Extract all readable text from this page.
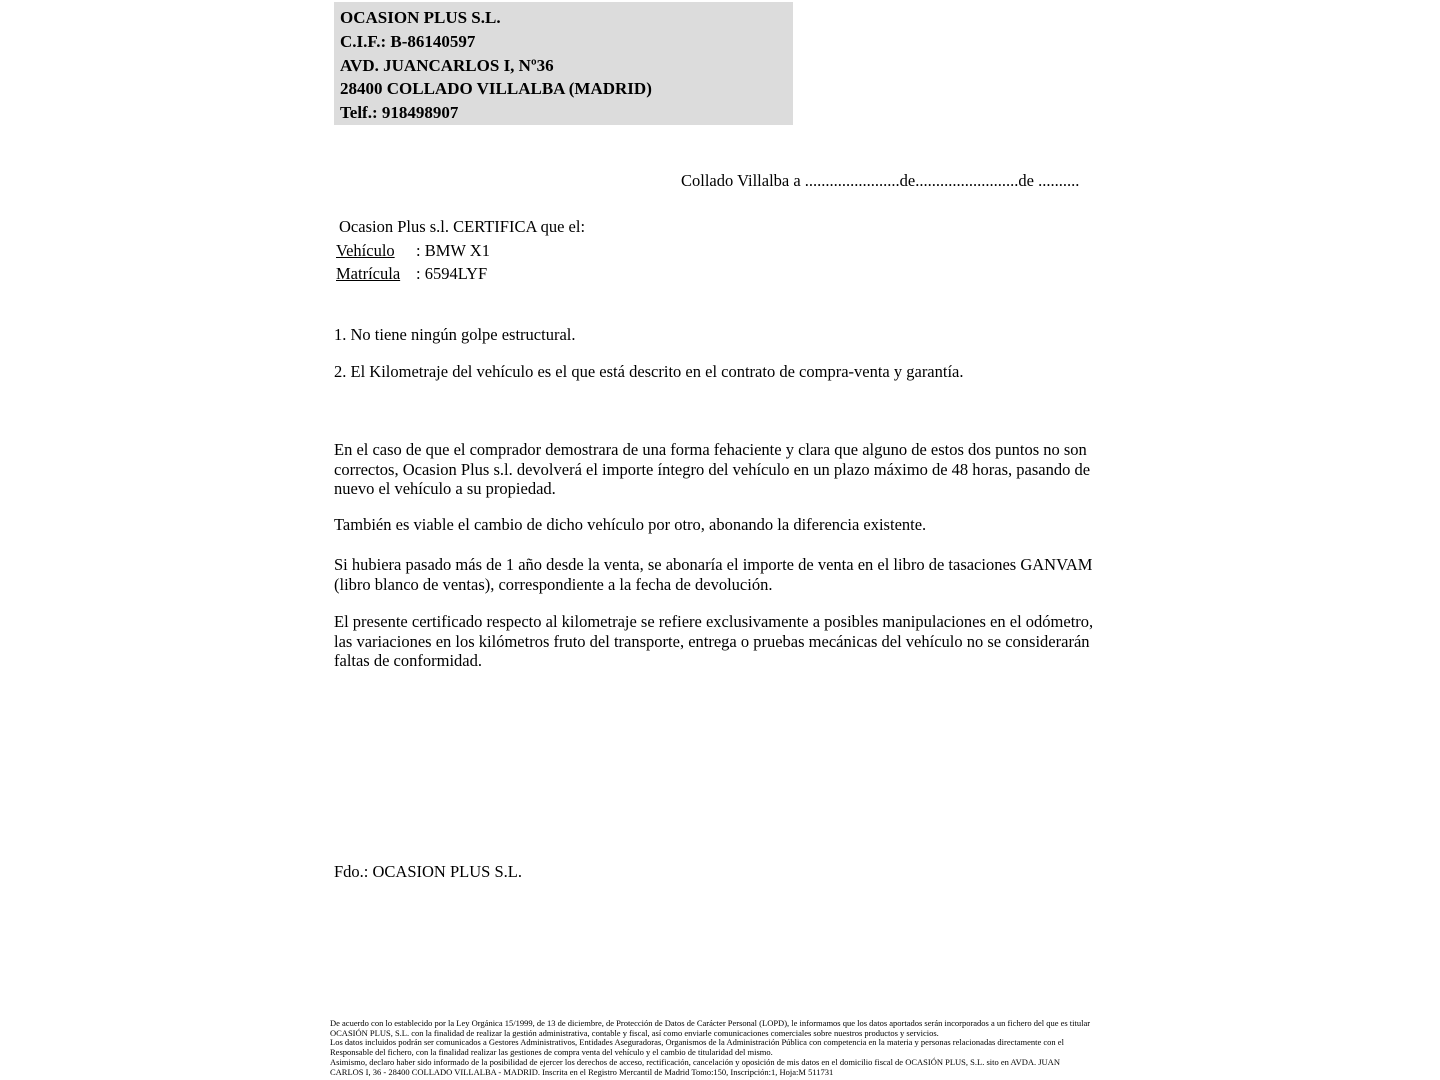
OCASION PLUS S.L.
C.I.F.: B-86140597
AVD. JUANCARLOS I, Nº36
28400 COLLADO VILLALBA (MADRID)
Telf.: 918498907
Collado Villalba a .......................de.........................de ..........
Ocasion Plus s.l. CERTIFICA que el:
Vehículo : BMW X1
Matrícula : 6594LYF
1. No tiene ningún golpe estructural.
2. El Kilometraje del vehículo es el que está descrito en el contrato de compra-venta y garantía.
En el caso de que el comprador demostrara de una forma fehaciente y clara que alguno de estos dos puntos no son correctos, Ocasion Plus s.l. devolverá el importe íntegro del vehículo en un plazo máximo de 48 horas, pasando de nuevo el vehículo a su propiedad.
También es viable el cambio de dicho vehículo por otro, abonando la diferencia existente.
Si hubiera pasado más de 1 año desde la venta, se abonaría el importe de venta en el libro de tasaciones GANVAM (libro blanco de ventas), correspondiente a la fecha de devolución.
El presente certificado respecto al kilometraje se refiere exclusivamente a posibles manipulaciones en el odómetro, las variaciones en los kilómetros fruto del transporte, entrega o pruebas mecánicas del vehículo no se considerarán faltas de conformidad.
Fdo.: OCASION PLUS S.L.
De acuerdo con lo establecido por la Ley Orgánica 15/1999, de 13 de diciembre, de Protección de Datos de Carácter Personal (LOPD), le informamos que los datos aportados serán incorporados a un fichero del que es titular
OCASIÓN PLUS, S.L. con la finalidad de realizar la gestión administrativa, contable y fiscal, así como enviarle comunicaciones comerciales sobre nuestros productos y servicios.
Los datos incluidos podrán ser comunicados a Gestores Administrativos, Entidades Aseguradoras, Organismos de la Administración Pública con competencia en la materia y personas relacionadas directamente con el
Responsable del fichero, con la finalidad realizar las gestiones de compra venta del vehículo y el cambio de titularidad del mismo.
Asimismo, declaro haber sido informado de la posibilidad de ejercer los derechos de acceso, rectificación, cancelación y oposición de mis datos en el domicilio fiscal de OCASIÓN PLUS, S.L. sito en AVDA. JUAN
CARLOS I, 36 - 28400 COLLADO VILLALBA - MADRID. Inscrita en el Registro Mercantil de Madrid Tomo:150, Inscripción:1, Hoja:M 511731
